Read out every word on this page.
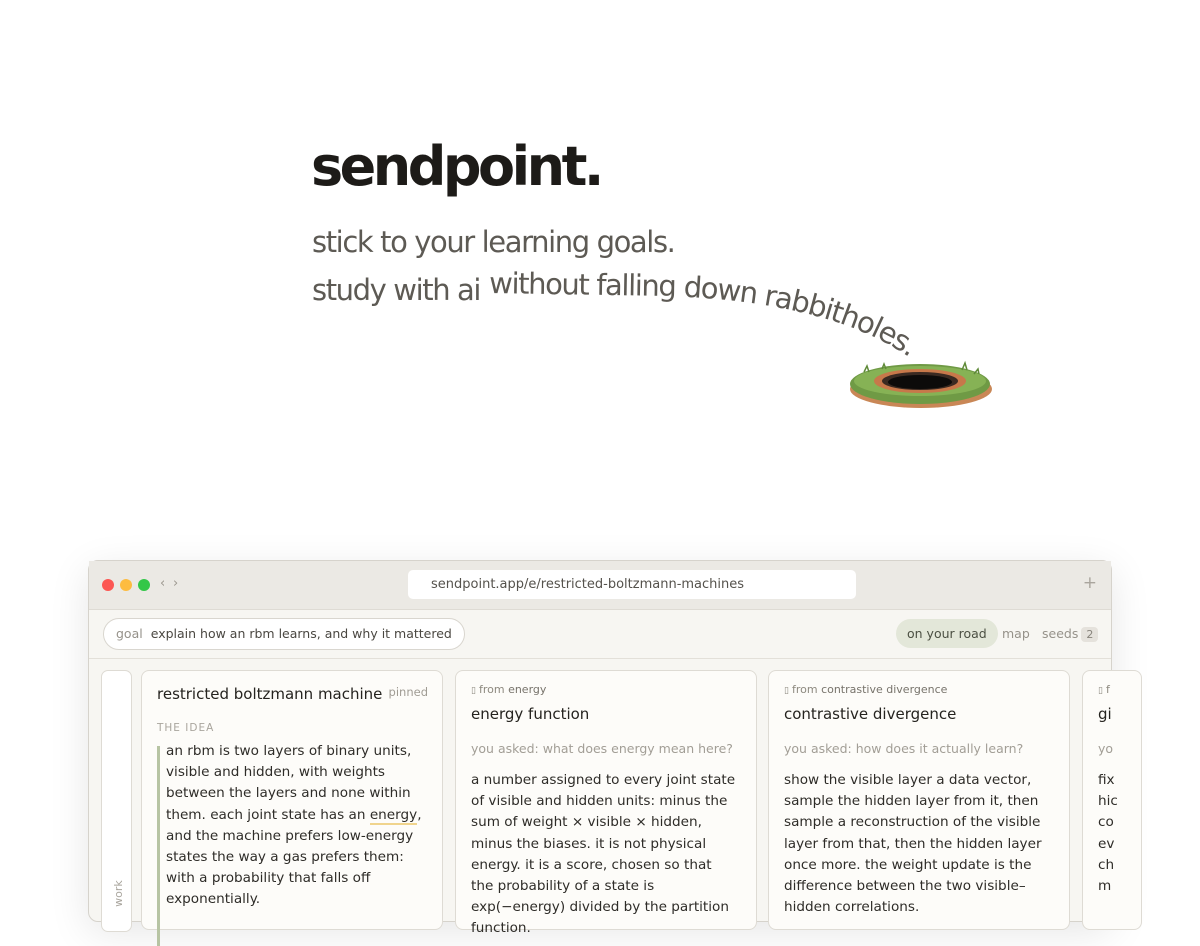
sendpoint.
stick to your learning goals.
study with ai without falling down rabbitholes.
‹ ›	sendpoint.app/e/restricted-boltzmann-machines	+
goal explain how an rbm learns, and why it mattered	on your road	map seeds 2
work
restricted boltzmann machine pinned
THE IDEA
an rbm is two layers of binary units, visible and hidden, with weights between the layers and none within them. each joint state has an energy, and the machine prefers low-energy states the way a gas prefers them: with a probability that falls off exponentially.
▯ from energy
energy function
you asked: what does energy mean here?
a number assigned to every joint state of visible and hidden units: minus the sum of weight × visible × hidden, minus the biases. it is not physical energy. it is a score, chosen so that the probability of a state is exp(−energy) divided by the partition function.
▯ from contrastive divergence
contrastive divergence
you asked: how does it actually learn?
show the visible layer a data vector, sample the hidden layer from it, then sample a reconstruction of the visible layer from that, then the hidden layer once more. the weight update is the difference between the two visible–hidden correlations.
▯ f
gi
yo
fix hic co ev ch m
